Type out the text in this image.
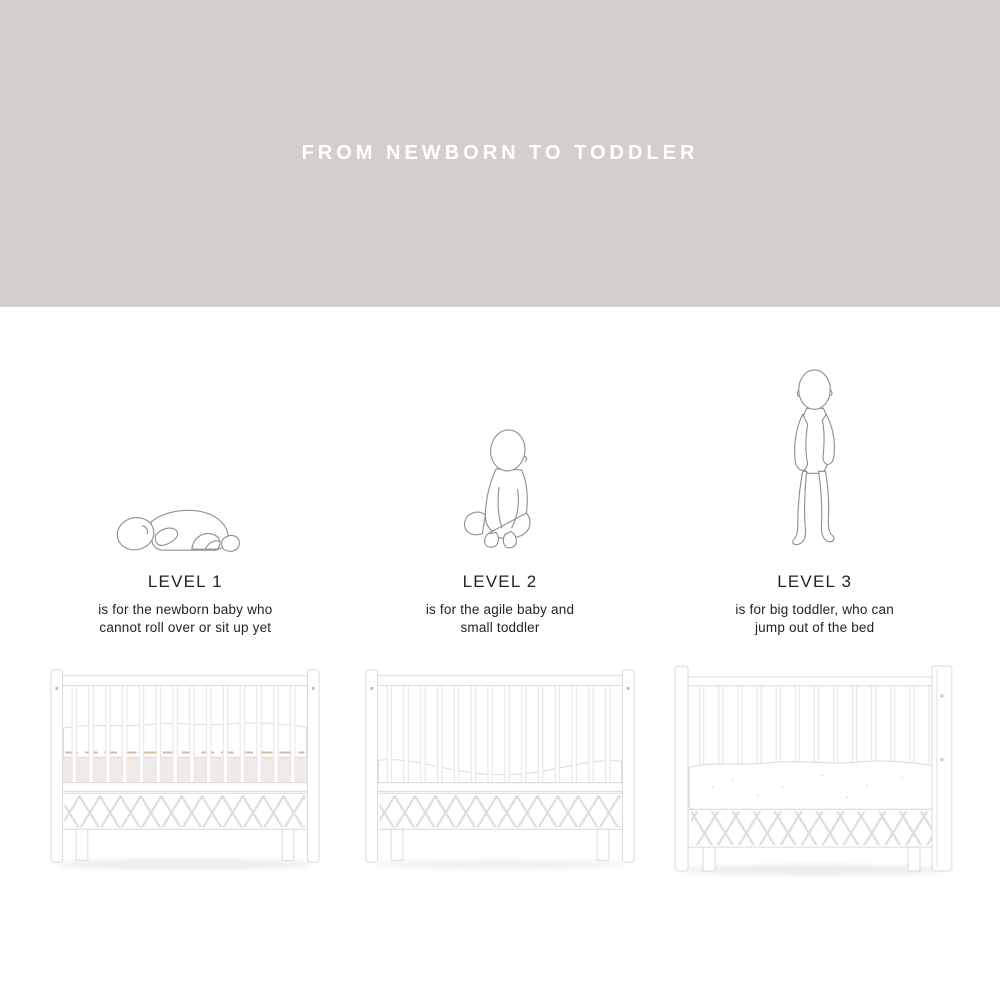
FROM NEWBORN TO TODDLER
LEVEL 1
is for the newborn baby who
cannot roll over or sit up yet
LEVEL 2
is for the agile baby and
small toddler
LEVEL 3
is for big toddler, who can
jump out of the bed
